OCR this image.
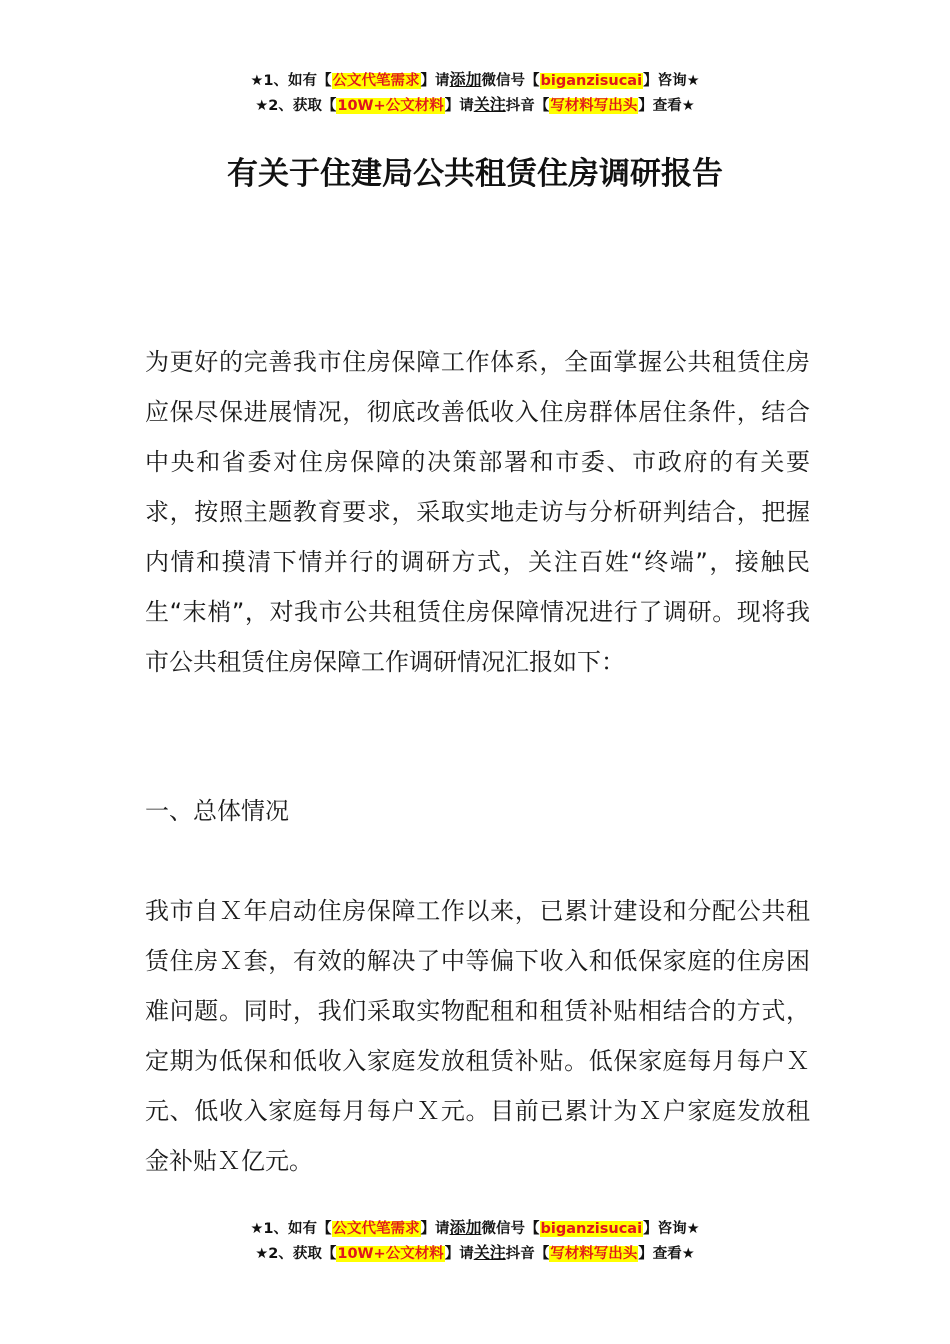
★1、如有【公文代笔需求】请添加微信号【biganzisucai】咨询★
★2、获取【10W+公文材料】请关注抖音【写材料写出头】查看★
有关于住建局公共租赁住房调研报告

为更好的完善我市住房保障工作体系，全面掌握公共租赁住房应保尽保进展情况，彻底改善低收入住房群体居住条件，结合中央和省委对住房保障的决策部署和市委、市政府的有关要求，按照主题教育要求，采取实地走访与分析研判结合，把握内情和摸清下情并行的调研方式，关注百姓“终端”，接触民生“末梢”，对我市公共租赁住房保障情况进行了调研。现将我市公共租赁住房保障工作调研情况汇报如下：

一、总体情况

我市自Ｘ年启动住房保障工作以来，已累计建设和分配公共租赁住房Ｘ套，有效的解决了中等偏下收入和低保家庭的住房困难问题。同时，我们采取实物配租和租赁补贴相结合的方式，定期为低保和低收入家庭发放租赁补贴。低保家庭每月每户Ｘ元、低收入家庭每月每户Ｘ元。目前已累计为Ｘ户家庭发放租金补贴Ｘ亿元。

★1、如有【公文代笔需求】请添加微信号【biganzisucai】咨询★
★2、获取【10W+公文材料】请关注抖音【写材料写出头】查看★
